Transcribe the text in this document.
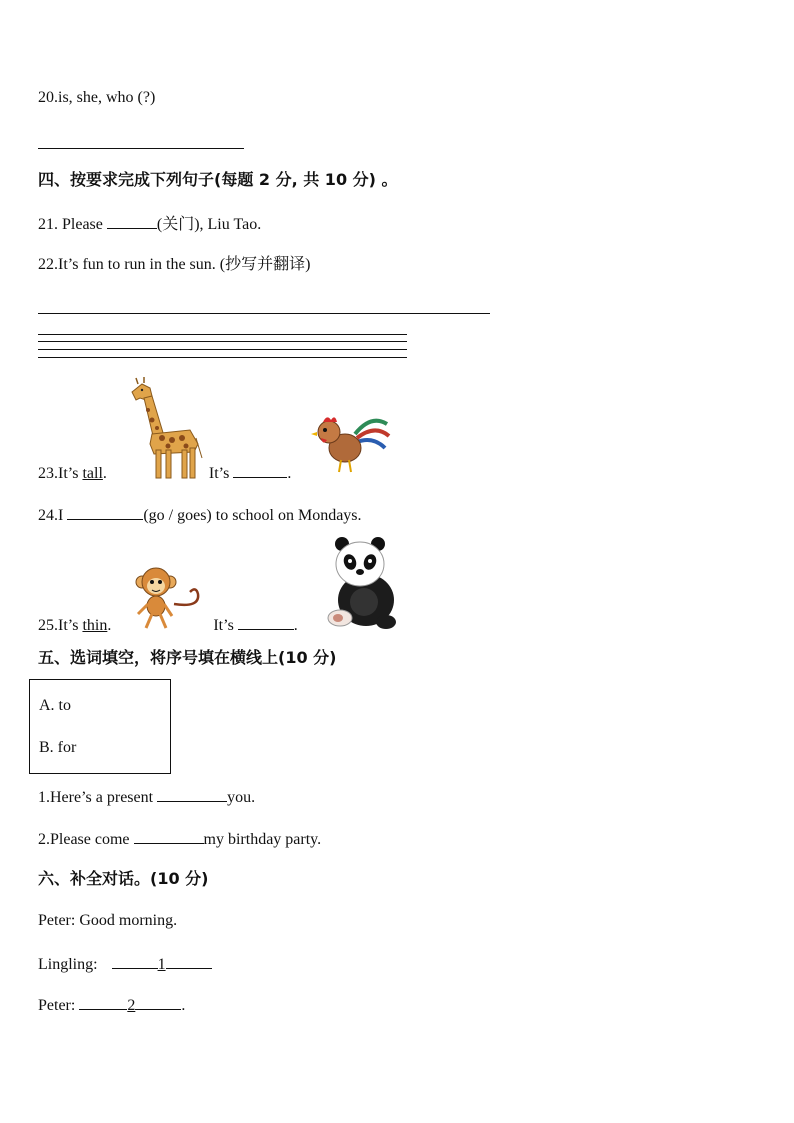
20.is, she, who (?)
四、按要求完成下列句子(每题 2 分, 共 10 分) 。
21. Please	(关门), Liu Tao.
22.It’s fun to run in the sun. (抄写并翻译)
23.It’s tall.	It’s	.
24.I	(go / goes) to school on Mondays.
25.It’s thin.	It’s	.
五、选词填空，将序号填在横线上(10 分)
A. to
B. for
1.Here’s a present	you.
2.Please come	my birthday party.
六、补全对话。(10 分)
Peter: Good morning.
Lingling:	1
Peter:	2	.
